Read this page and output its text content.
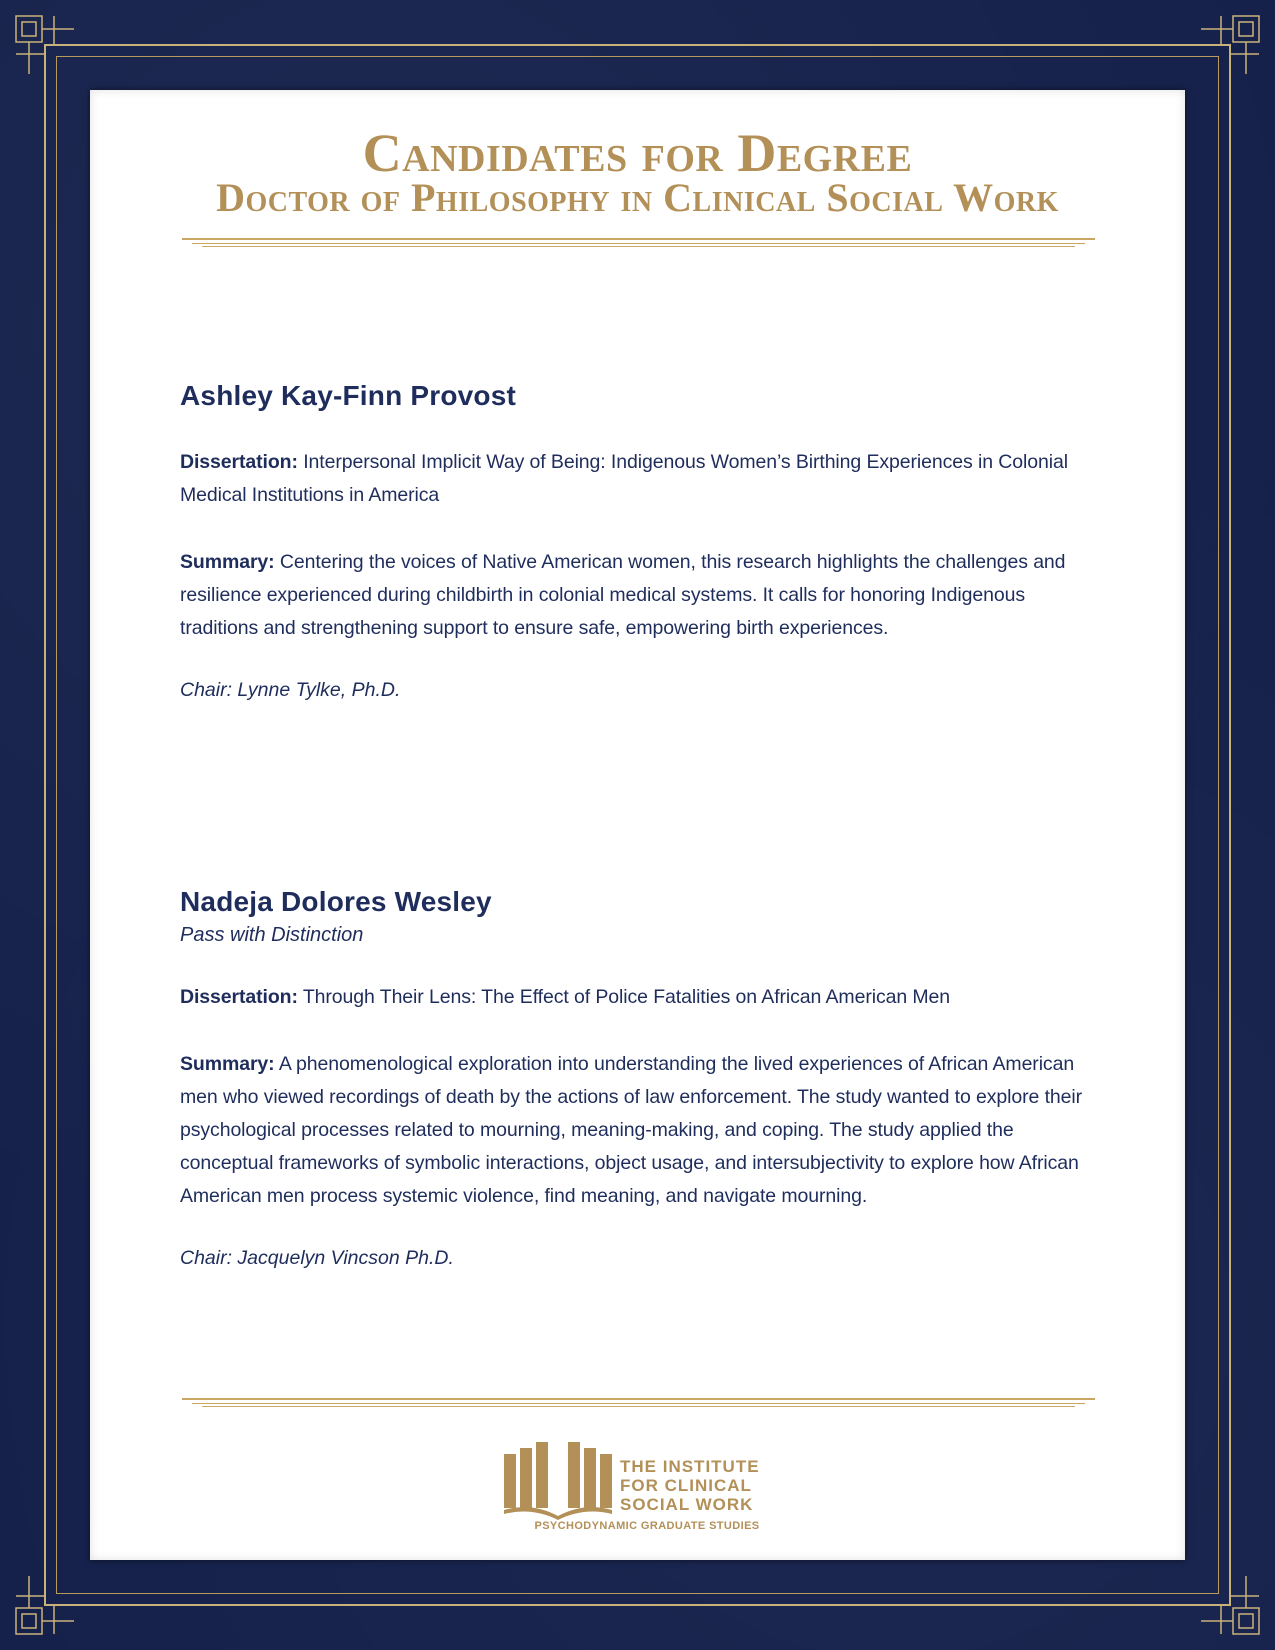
Candidates for Degree
Doctor of Philosophy in Clinical Social Work
Ashley Kay-Finn Provost
Dissertation: Interpersonal Implicit Way of Being: Indigenous Women’s Birthing Experiences in Colonial Medical Institutions in America
Summary: Centering the voices of Native American women, this research highlights the challenges and resilience experienced during childbirth in colonial medical systems. It calls for honoring Indigenous traditions and strengthening support to ensure safe, empowering birth experiences.
Chair: Lynne Tylke, Ph.D.
Nadeja Dolores Wesley
Pass with Distinction
Dissertation: Through Their Lens: The Effect of Police Fatalities on African American Men
Summary: A phenomenological exploration into understanding the lived experiences of African American men who viewed recordings of death by the actions of law enforcement. The study wanted to explore their psychological processes related to mourning, meaning-making, and coping. The study applied the conceptual frameworks of symbolic interactions, object usage, and intersubjectivity to explore how African American men process systemic violence, find meaning, and navigate mourning.
Chair: Jacquelyn Vincson Ph.D.
THE INSTITUTE
FOR CLINICAL
SOCIAL WORK
PSYCHODYNAMIC GRADUATE STUDIES
